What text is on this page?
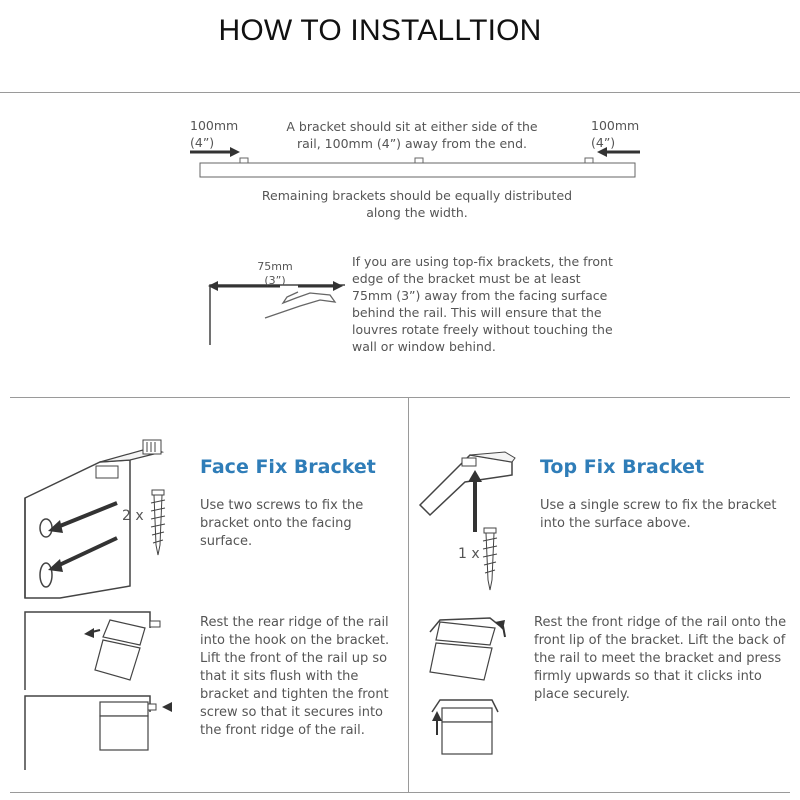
HOW TO INSTALLTION
100mm
(4”)
100mm
(4”)
A bracket should sit at either side of the
rail, 100mm (4”) away from the end.
Remaining brackets should be equally distributed
along the width.
75mm
(3”)
If you are using top-fix brackets, the front
edge of the bracket must be at least
75mm (3”) away from the facing surface
behind the rail. This will ensure that the
louvres rotate freely without touching the
wall or window behind.
Face Fix Bracket
2 x
Use two screws to fix the
bracket onto the facing
surface.
Rest the rear ridge of the rail
into the hook on the bracket.
Lift the front of the rail up so
that it sits flush with the
bracket and tighten the front
screw so that it secures into
the front ridge of the rail.
Top Fix Bracket
1 x
Use a single screw to fix the bracket
into the surface above.
Rest the front ridge of the rail onto the
front lip of the bracket. Lift the back of
the rail to meet the bracket and press
firmly upwards so that it clicks into
place securely.
